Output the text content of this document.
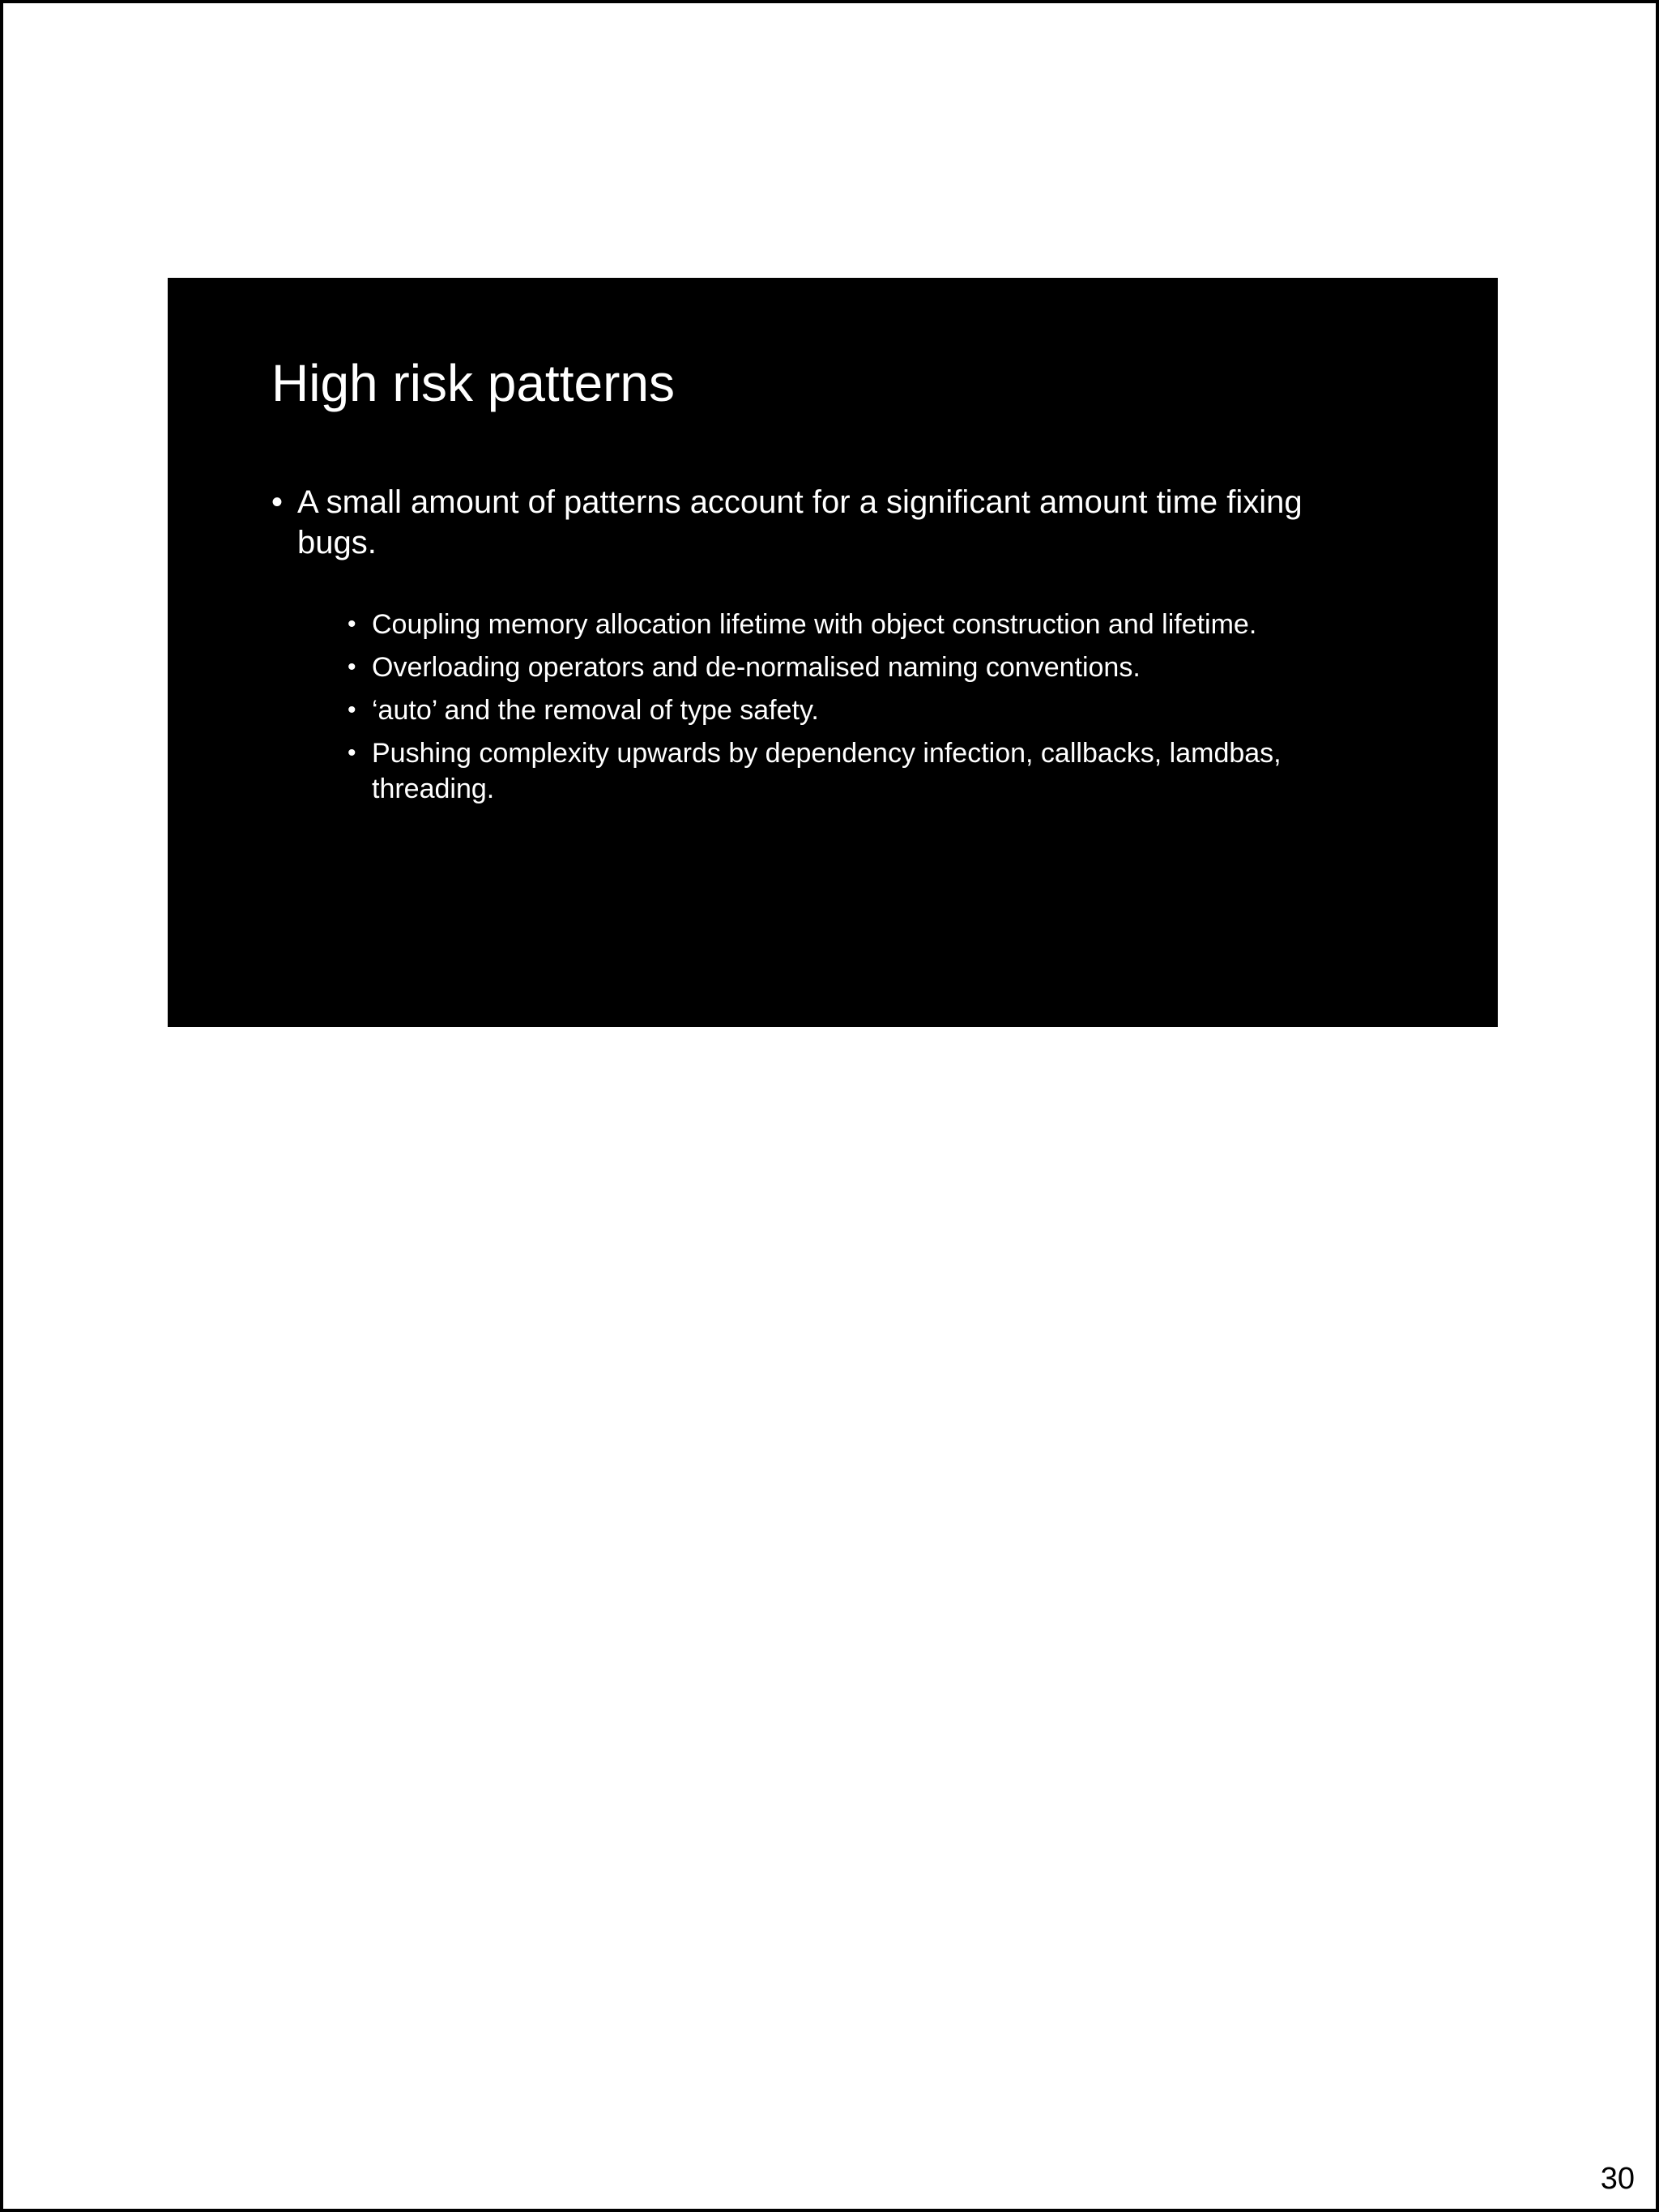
High risk patterns
• A small amount of patterns account for a significant amount time fixing bugs.
• Coupling memory allocation lifetime with object construction and lifetime.
• Overloading operators and de-normalised naming conventions.
• ‘auto’ and the removal of type safety.
• Pushing complexity upwards by dependency infection, callbacks, lamdbas, threading.
30
